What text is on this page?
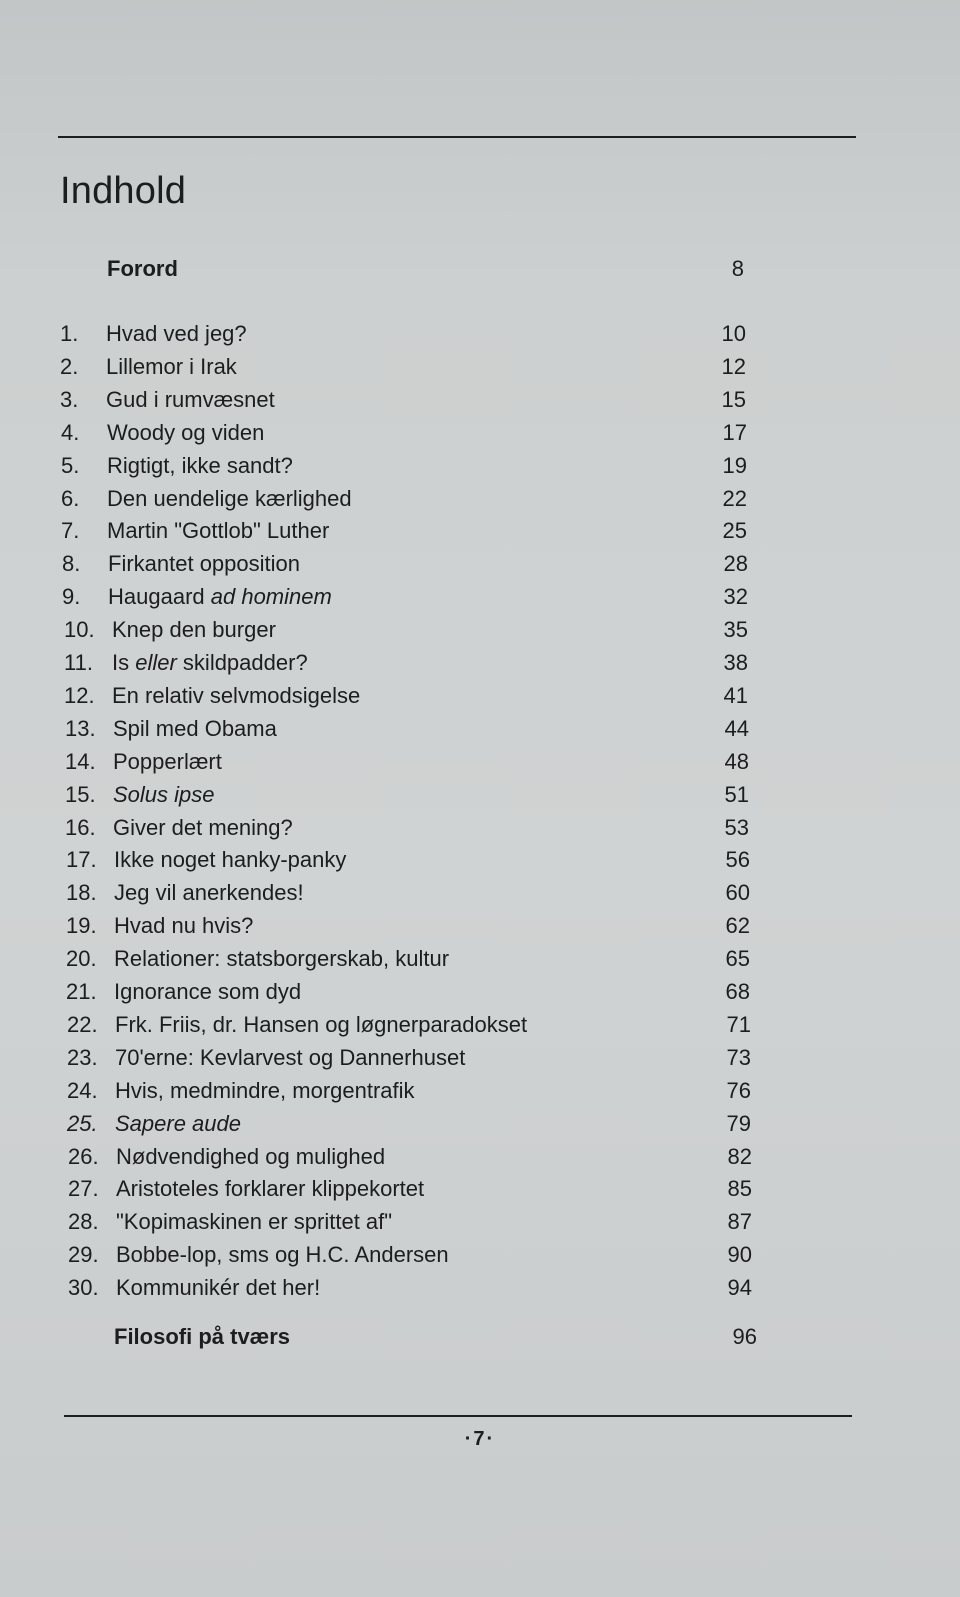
Indhold
Forord	8
1. Hvad ved jeg?	10
2. Lillemor i Irak	12
3. Gud i rumvæsnet	15
4. Woody og viden	17
5. Rigtigt, ikke sandt?	19
6. Den uendelige kærlighed	22
7. Martin "Gottlob" Luther	25
8. Firkantet opposition	28
9. Haugaard ad hominem	32
10. Knep den burger	35
11. Is eller skildpadder?	38
12. En relativ selvmodsigelse	41
13. Spil med Obama	44
14. Popperlært	48
15. Solus ipse	51
16. Giver det mening?	53
17. Ikke noget hanky-panky	56
18. Jeg vil anerkendes!	60
19. Hvad nu hvis?	62
20. Relationer: statsborgerskab, kultur	65
21. Ignorance som dyd	68
22. Frk. Friis, dr. Hansen og løgnerparadokset	71
23. 70'erne: Kevlarvest og Dannerhuset	73
24. Hvis, medmindre, morgentrafik	76
25. Sapere aude	79
26. Nødvendighed og mulighed	82
27. Aristoteles forklarer klippekortet	85
28. "Kopimaskinen er sprittet af"	87
29. Bobbe-lop, sms og H.C. Andersen	90
30. Kommunikér det her!	94
Filosofi på tværs	96
·7·
